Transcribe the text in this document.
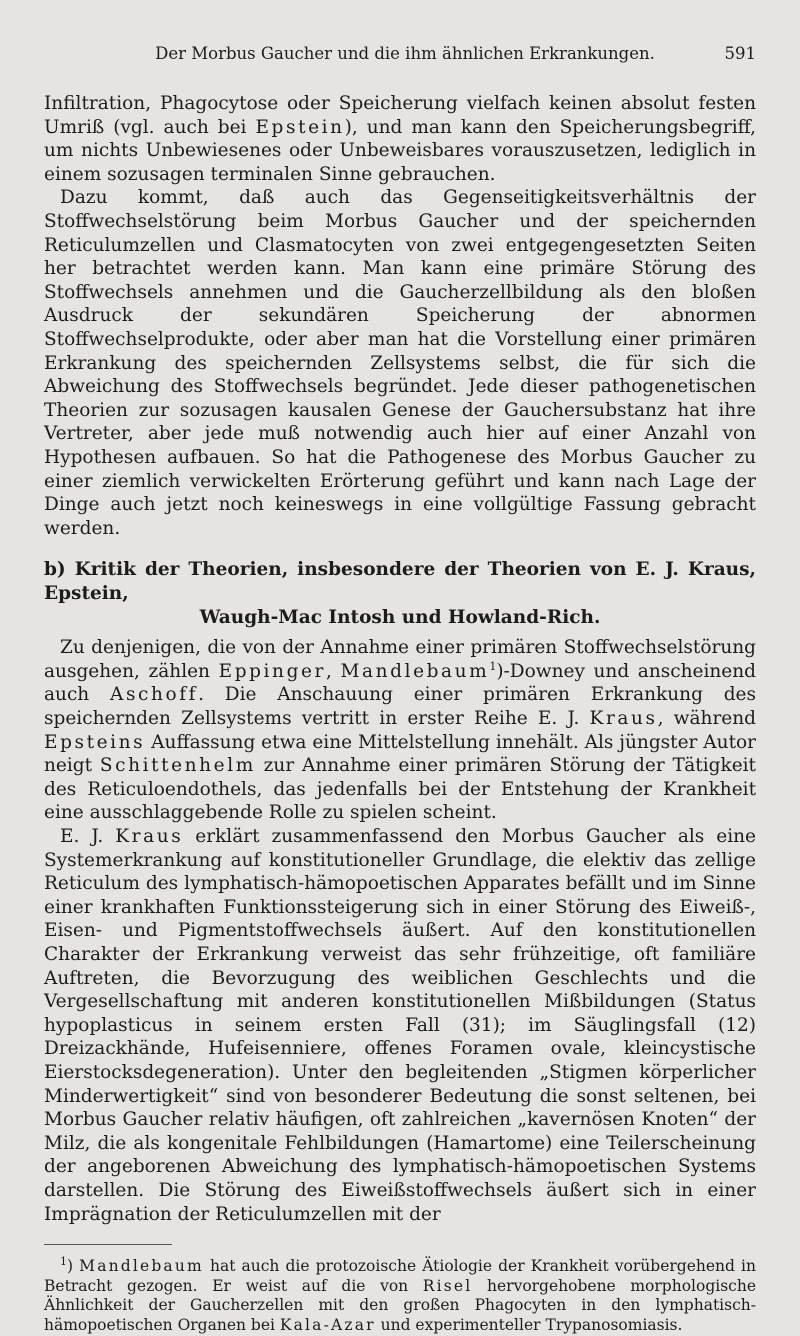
Der Morbus Gaucher und die ihm ähnlichen Erkrankungen.	591

Infiltration, Phagocytose oder Speicherung vielfach keinen absolut festen Umriß (vgl. auch bei Epstein), und man kann den Speicherungsbegriff, um nichts Unbewiesenes oder Unbeweisbares vorauszusetzen, lediglich in einem sozusagen terminalen Sinne gebrauchen.

Dazu kommt, daß auch das Gegenseitigkeitsverhältnis der Stoffwechselstörung beim Morbus Gaucher und der speichernden Reticulumzellen und Clasmatocyten von zwei entgegengesetzten Seiten her betrachtet werden kann. Man kann eine primäre Störung des Stoffwechsels annehmen und die Gaucherzellbildung als den bloßen Ausdruck der sekundären Speicherung der abnormen Stoffwechselprodukte, oder aber man hat die Vorstellung einer primären Erkrankung des speichernden Zellsystems selbst, die für sich die Abweichung des Stoffwechsels begründet. Jede dieser pathogenetischen Theorien zur sozusagen kausalen Genese der Gauchersubstanz hat ihre Vertreter, aber jede muß notwendig auch hier auf einer Anzahl von Hypothesen aufbauen. So hat die Pathogenese des Morbus Gaucher zu einer ziemlich verwickelten Erörterung geführt und kann nach Lage der Dinge auch jetzt noch keineswegs in eine vollgültige Fassung gebracht werden.

b) Kritik der Theorien, insbesondere der Theorien von E. J. Kraus, Epstein,
Waugh-Mac Intosh und Howland-Rich.

Zu denjenigen, die von der Annahme einer primären Stoffwechselstörung ausgehen, zählen Eppinger, Mandlebaum$^1$)-Downey und anscheinend auch Aschoff. Die Anschauung einer primären Erkrankung des speichernden Zellsystems vertritt in erster Reihe E. J. Kraus, während Epsteins Auffassung etwa eine Mittelstellung innehält. Als jüngster Autor neigt Schittenhelm zur Annahme einer primären Störung der Tätigkeit des Reticuloendothels, das jedenfalls bei der Entstehung der Krankheit eine ausschlaggebende Rolle zu spielen scheint.

E. J. Kraus erklärt zusammenfassend den Morbus Gaucher als eine Systemerkrankung auf konstitutioneller Grundlage, die elektiv das zellige Reticulum des lymphatisch-hämopoetischen Apparates befällt und im Sinne einer krankhaften Funktionssteigerung sich in einer Störung des Eiweiß-, Eisen- und Pigmentstoffwechsels äußert. Auf den konstitutionellen Charakter der Erkrankung verweist das sehr frühzeitige, oft familiäre Auftreten, die Bevorzugung des weiblichen Geschlechts und die Vergesellschaftung mit anderen konstitutionellen Mißbildungen (Status hypoplasticus in seinem ersten Fall (31); im Säuglingsfall (12) Dreizackhände, Hufeisenniere, offenes Foramen ovale, kleincystische Eierstocksdegeneration). Unter den begleitenden „Stigmen körperlicher Minderwertigkeit“ sind von besonderer Bedeutung die sonst seltenen, bei Morbus Gaucher relativ häufigen, oft zahlreichen „kavernösen Knoten“ der Milz, die als kongenitale Fehlbildungen (Hamartome) eine Teilerscheinung der angeborenen Abweichung des lymphatisch-hämopoetischen Systems darstellen. Die Störung des Eiweißstoffwechsels äußert sich in einer Imprägnation der Reticulumzellen mit der

$^1$) Mandlebaum hat auch die protozoische Ätiologie der Krankheit vorübergehend in Betracht gezogen. Er weist auf die von Risel hervorgehobene morphologische Ähnlichkeit der Gaucherzellen mit den großen Phagocyten in den lymphatisch-hämopoetischen Organen bei Kala-Azar und experimenteller Trypanosomiasis.
